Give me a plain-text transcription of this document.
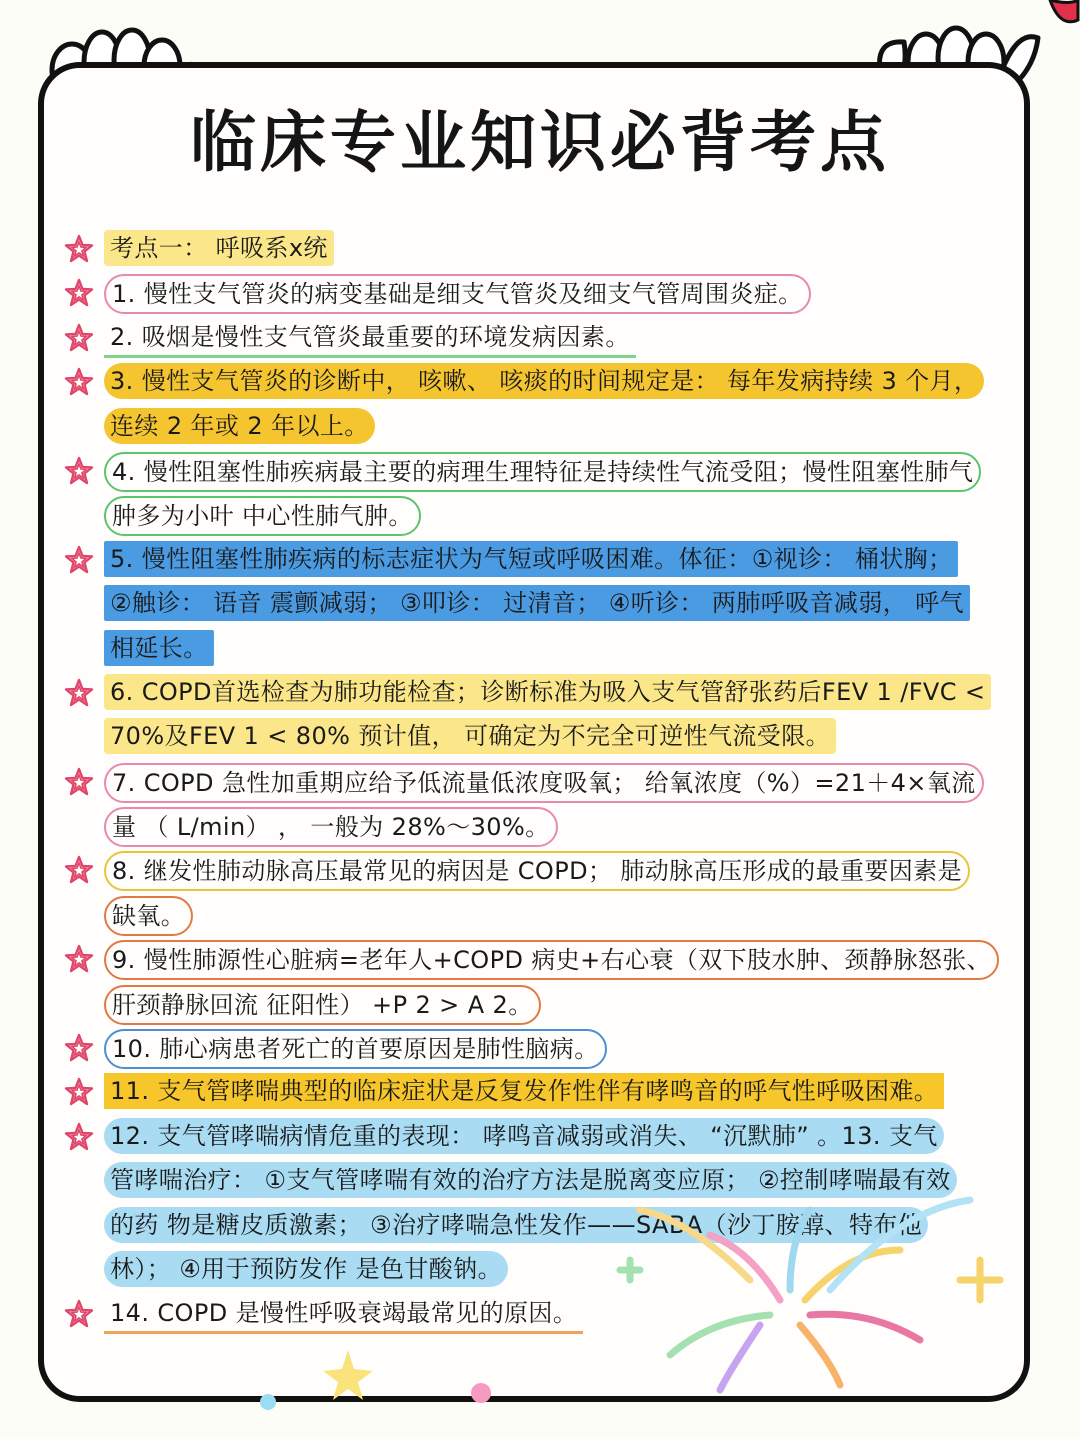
临床专业知识必背考点
考点一： 呼吸系x统
1. 慢性支气管炎的病变基础是细支气管炎及细支气管周围炎症。
2. 吸烟是慢性支气管炎最重要的环境发病因素。
3. 慢性支气管炎的诊断中， 咳嗽、 咳痰的时间规定是： 每年发病持续 3 个月，
连续 2 年或 2 年以上。
4. 慢性阻塞性肺疾病最主要的病理生理特征是持续性气流受阻；慢性阻塞性肺气
肿多为小叶 中心性肺气肿。
5. 慢性阻塞性肺疾病的标志症状为气短或呼吸困难。体征：①视诊： 桶状胸；
②触诊： 语音 震颤减弱； ③叩诊： 过清音； ④听诊： 两肺呼吸音减弱， 呼气
相延长。
6. COPD首选检查为肺功能检查；诊断标准为吸入支气管舒张药后FEV 1 /FVC <
70%及FEV 1 < 80% 预计值， 可确定为不完全可逆性气流受限。
7. COPD 急性加重期应给予低流量低浓度吸氧； 给氧浓度（%）=21＋4×氧流
量 （ L/min） ， 一般为 28%～30%。
8. 继发性肺动脉高压最常见的病因是 COPD； 肺动脉高压形成的最重要因素是
缺氧。
9. 慢性肺源性心脏病=老年人+COPD 病史+右心衰（双下肢水肿、颈静脉怒张、
肝颈静脉回流 征阳性） +P 2 > A 2。
10. 肺心病患者死亡的首要原因是肺性脑病。
11. 支气管哮喘典型的临床症状是反复发作性伴有哮鸣音的呼气性呼吸困难。
12. 支气管哮喘病情危重的表现： 哮鸣音减弱或消失、 “沉默肺” 。13. 支气
管哮喘治疗： ①支气管哮喘有效的治疗方法是脱离变应原； ②控制哮喘最有效
的药 物是糖皮质激素； ③治疗哮喘急性发作——SABA（沙丁胺醇、特布他
林）； ④用于预防发作 是色甘酸钠。
14. COPD 是慢性呼吸衰竭最常见的原因。
